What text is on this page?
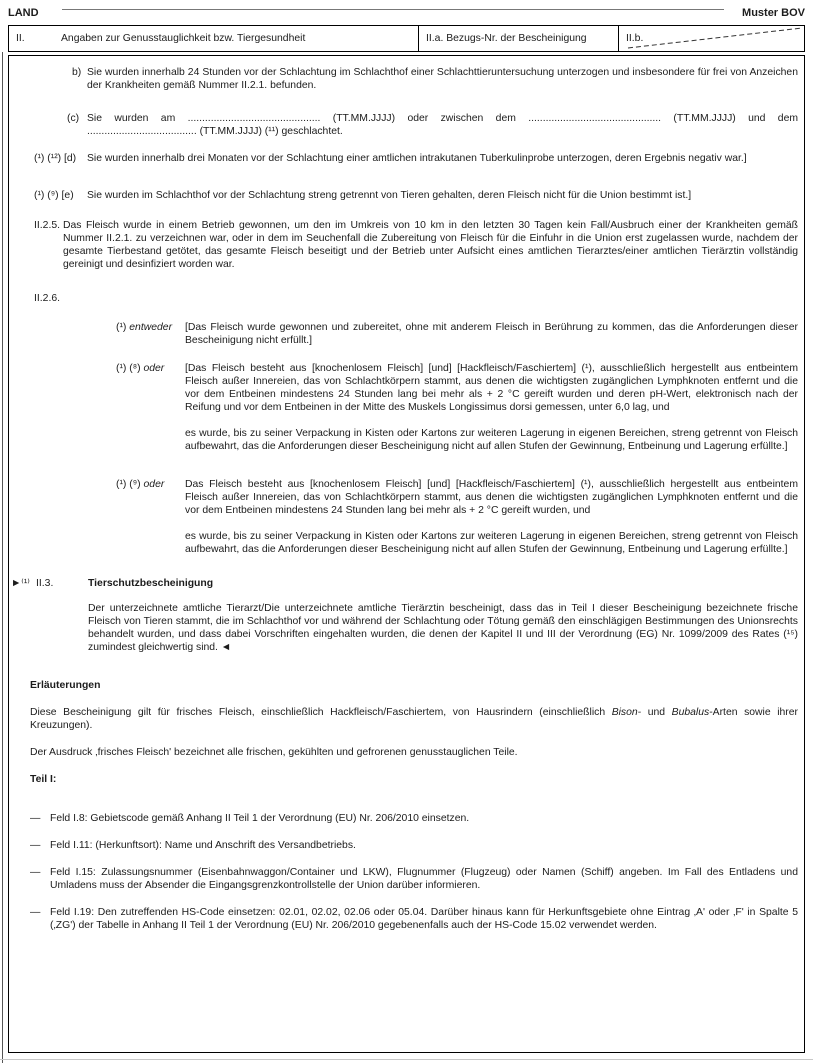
LAND	Muster BOV
II.	Angaben zur Genusstauglichkeit bzw. Tiergesundheit	II.a. Bezugs-Nr. der Bescheinigung	II.b.
b) Sie wurden innerhalb 24 Stunden vor der Schlachtung im Schlachthof einer Schlachttieruntersuchung unterzogen und insbesondere für frei von Anzeichen der Krankheiten gemäß Nummer II.2.1. befunden.
(c) Sie wurden am .............................................. (TT.MM.JJJJ) oder zwischen dem .............................................. (TT.MM.JJJJ) und dem ...................................... (TT.MM.JJJJ) (¹¹) geschlachtet.
(¹) (¹²) [d) Sie wurden innerhalb drei Monaten vor der Schlachtung einer amtlichen intrakutanen Tuberkulinprobe unterzogen, deren Ergebnis negativ war.]
(¹) (⁹) [e) Sie wurden im Schlachthof vor der Schlachtung streng getrennt von Tieren gehalten, deren Fleisch nicht für die Union bestimmt ist.]
II.2.5. Das Fleisch wurde in einem Betrieb gewonnen, um den im Umkreis von 10 km in den letzten 30 Tagen kein Fall/Ausbruch einer der Krankheiten gemäß Nummer II.2.1. zu verzeichnen war, oder in dem im Seuchenfall die Zubereitung von Fleisch für die Einfuhr in die Union erst zugelassen wurde, nachdem der gesamte Tierbestand getötet, das gesamte Fleisch beseitigt und der Betrieb unter Aufsicht eines amtlichen Tierarztes/einer amtlichen Tierärztin vollständig gereinigt und desinfiziert worden war.
II.2.6.

(¹) entweder [Das Fleisch wurde gewonnen und zubereitet, ohne mit anderem Fleisch in Berührung zu kommen, das die Anforderungen dieser Bescheinigung nicht erfüllt.]
(¹) (⁸) oder [Das Fleisch besteht aus [knochenlosem Fleisch] [und] [Hackfleisch/Faschiertem] (¹), ausschließlich hergestellt aus entbeintem Fleisch außer Innereien, das von Schlachtkörpern stammt, aus denen die wichtigsten zugänglichen Lymphknoten entfernt und die vor dem Entbeinen mindestens 24 Stunden lang bei mehr als + 2 °C gereift wurden und deren pH-Wert, elektronisch nach der Reifung und vor dem Entbeinen in der Mitte des Muskels Longissimus dorsi gemessen, unter 6,0 lag, und
es wurde, bis zu seiner Verpackung in Kisten oder Kartons zur weiteren Lagerung in eigenen Bereichen, streng getrennt von Fleisch aufbewahrt, das die Anforderungen dieser Bescheinigung nicht auf allen Stufen der Gewinnung, Entbeinung und Lagerung erfüllte.]
(¹) (⁹) oder Das Fleisch besteht aus [knochenlosem Fleisch] [und] [Hackfleisch/Faschiertem] (¹), ausschließlich hergestellt aus entbeintem Fleisch außer Innereien, das von Schlachtkörpern stammt, aus denen die wichtigsten zugänglichen Lymphknoten entfernt und die vor dem Entbeinen mindestens 24 Stunden lang bei mehr als + 2 °C gereift wurden, und
es wurde, bis zu seiner Verpackung in Kisten oder Kartons zur weiteren Lagerung in eigenen Bereichen, streng getrennt von Fleisch aufbewahrt, das die Anforderungen dieser Bescheinigung nicht auf allen Stufen der Gewinnung, Entbeinung und Lagerung erfüllte.]
►⁽¹⁾ II.3.	Tierschutzbescheinigung
Der unterzeichnete amtliche Tierarzt/Die unterzeichnete amtliche Tierärztin bescheinigt, dass das in Teil I dieser Bescheinigung bezeichnete frische Fleisch von Tieren stammt, die im Schlachthof vor und während der Schlachtung oder Tötung gemäß den einschlägigen Bestimmungen des Unionsrechts behandelt wurden, und dass dabei Vorschriften eingehalten wurden, die denen der Kapitel II und III der Verordnung (EG) Nr. 1099/2009 des Rates (¹⁵) zumindest gleichwertig sind. ◄
Erläuterungen
Diese Bescheinigung gilt für frisches Fleisch, einschließlich Hackfleisch/Faschiertem, von Hausrindern (einschließlich Bison- und Bubalus-Arten sowie ihrer Kreuzungen).
Der Ausdruck ‚frisches Fleisch' bezeichnet alle frischen, gekühlten und gefrorenen genusstauglichen Teile.
Teil I:
— Feld I.8: Gebietscode gemäß Anhang II Teil 1 der Verordnung (EU) Nr. 206/2010 einsetzen.
— Feld I.11: (Herkunftsort): Name und Anschrift des Versandbetriebs.
— Feld I.15: Zulassungsnummer (Eisenbahnwaggon/Container und LKW), Flugnummer (Flugzeug) oder Namen (Schiff) angeben. Im Fall des Entladens und Umladens muss der Absender die Eingangsgrenzkontrollstelle der Union darüber informieren.
— Feld I.19: Den zutreffenden HS-Code einsetzen: 02.01, 02.02, 02.06 oder 05.04. Darüber hinaus kann für Herkunftsgebiete ohne Eintrag ‚A' oder ‚F' in Spalte 5 (‚ZG') der Tabelle in Anhang II Teil 1 der Verordnung (EU) Nr. 206/2010 gegebenenfalls auch der HS-Code 15.02 verwendet werden.
